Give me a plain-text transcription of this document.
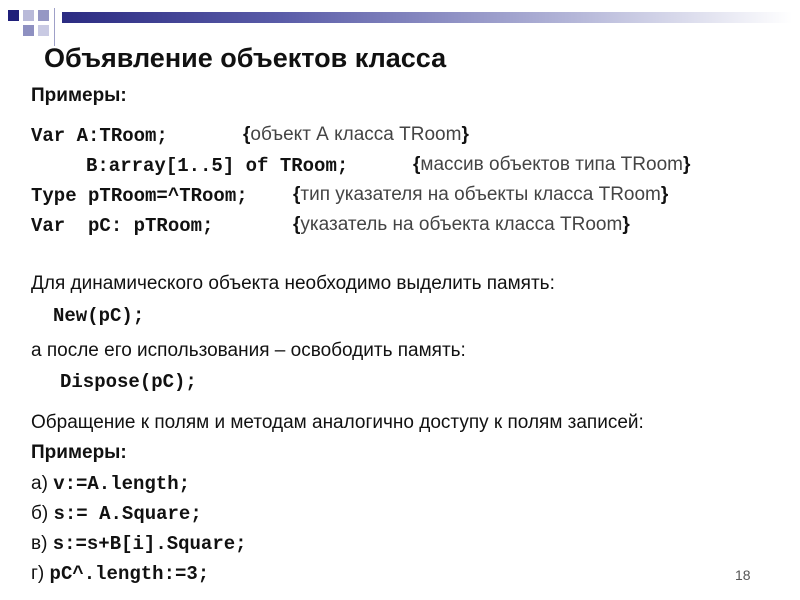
Объявление объектов класса
Примеры:
Var A:TRoom;	{объект А класса TRoom}
B:array[1..5] of TRoom;	{массив объектов типа TRoom}
Type pTRoom=^TRoom; {тип указателя на объекты класса TRoom}
Var  pC: pTRoom;	{указатель на объекта класса TRoom}
Для динамического объекта необходимо выделить память:
New(pC);
а после его использования – освободить память:
Dispose(pC);
Обращение к полям и методам аналогично доступу к полям записей:
Примеры:
а) v:=A.length;
б) s:= A.Square;
в) s:=s+B[i].Square;
г) pC^.length:=3;	18
